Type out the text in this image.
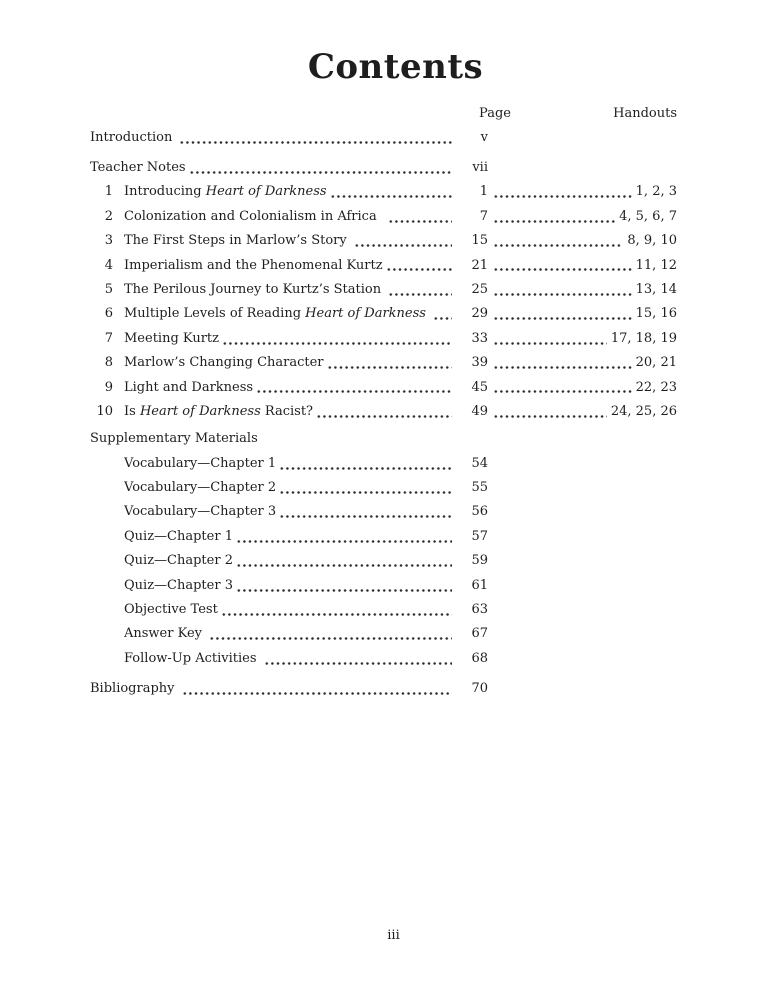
Contents
Page	Handouts
Introduction	v
Teacher Notes	vii
1 Introducing Heart of Darkness	1	1, 2, 3
2 Colonization and Colonialism in Africa	7	4, 5, 6, 7
3 The First Steps in Marlow’s Story	15	8, 9, 10
4 Imperialism and the Phenomenal Kurtz	21	11, 12
5 The Perilous Journey to Kurtz’s Station	25	13, 14
6 Multiple Levels of Reading Heart of Darkness	29	15, 16
7 Meeting Kurtz	33	17, 18, 19
8 Marlow’s Changing Character	39	20, 21
9 Light and Darkness	45	22, 23
10 Is Heart of Darkness Racist?	49	24, 25, 26
Supplementary Materials
Vocabulary—Chapter 1	54
Vocabulary—Chapter 2	55
Vocabulary—Chapter 3	56
Quiz—Chapter 1	57
Quiz—Chapter 2	59
Quiz—Chapter 3	61
Objective Test	63
Answer Key	67
Follow-Up Activities	68
Bibliography	70
iii
